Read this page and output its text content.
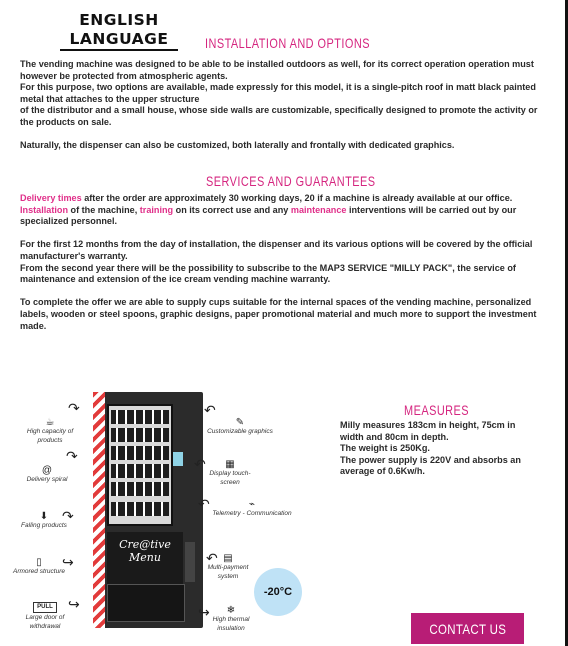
ENGLISH
LANGUAGE	INSTALLATION AND OPTIONS

The vending machine was designed to be able to be installed outdoors as well, for its correct operation operation must however be protected from atmospheric agents.

For this purpose, two options are available, made expressly for this model, it is a single-pitch roof in matt black painted metal that attaches to the upper structure

of the distributor and a small house, whose side walls are customizable, specifically designed to promote the activity or the products on sale.

Naturally, the dispenser can also be customized, both laterally and frontally with dedicated graphics.

SERVICES AND GUARANTEES

Delivery times after the order are approximately 30 working days, 20 if a machine is already available at our office.

Installation of the machine, training on its correct use and any maintenance interventions will be carried out by our specialized personnel.

For the first 12 months from the day of installation, the dispenser and its various options will be covered by the official manufacturer's warranty.

From the second year there will be the possibility to subscribe to the MAP3 SERVICE "MILLY PACK", the service of maintenance and extension of the ice cream vending machine warranty.

To complete the offer we are able to supply cups suitable for the internal spaces of the vending machine, personalized labels, wooden or steel spoons, graphic designs, paper promotional material and much more to support the investment made.

Cre@tive Menu
☕
High capacity of products
↷
@
Delivery spiral
↷
⬇
Falling products
↷
▯
Armored structure
↪
PULL
Large door of withdrawal
↪
✎
Customizable graphics
↶
▦
Display touch-screen
↶
⌁
Telemetry - Communication
↶
▤
Multi-payment system
↶
❄
High thermal insulation
↪
-20°C
MEASURES

Milly measures 183cm in height, 75cm in width and 80cm in depth.

The weight is 250Kg.

The power supply is 220V and absorbs an average of 0.6Kw/h.

CONTACT US
